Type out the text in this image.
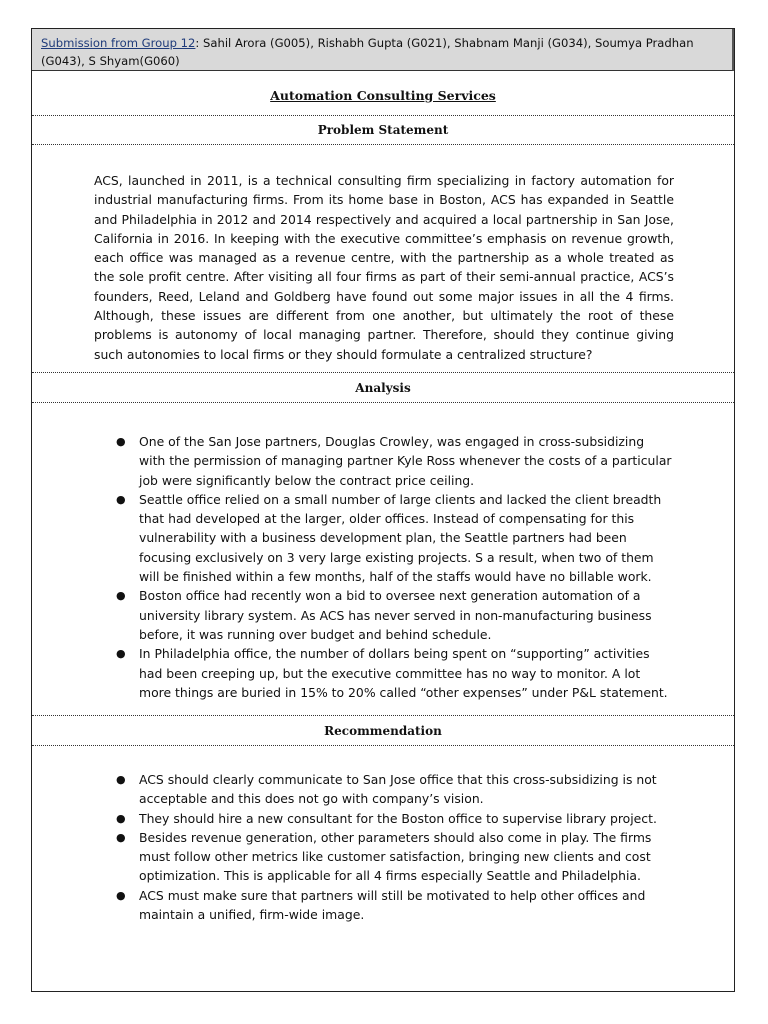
Submission from Group 12: Sahil Arora (G005), Rishabh Gupta (G021), Shabnam Manji (G034), Soumya Pradhan (G043), S Shyam(G060)
Automation Consulting Services
Problem Statement

ACS, launched in 2011, is a technical consulting firm specializing in factory automation for industrial manufacturing firms. From its home base in Boston, ACS has expanded in Seattle and Philadelphia in 2012 and 2014 respectively and acquired a local partnership in San Jose, California in 2016. In keeping with the executive committee’s emphasis on revenue growth, each office was managed as a revenue centre, with the partnership as a whole treated as the sole profit centre. After visiting all four firms as part of their semi-annual practice, ACS’s founders, Reed, Leland and Goldberg have found out some major issues in all the 4 firms. Although, these issues are different from one another, but ultimately the root of these problems is autonomy of local managing partner. Therefore, should they continue giving such autonomies to local firms or they should formulate a centralized structure?

Analysis
● One of the San Jose partners, Douglas Crowley, was engaged in cross-subsidizing with the permission of managing partner Kyle Ross whenever the costs of a particular job were significantly below the contract price ceiling.
● Seattle office relied on a small number of large clients and lacked the client breadth that had developed at the larger, older offices. Instead of compensating for this vulnerability with a business development plan, the Seattle partners had been focusing exclusively on 3 very large existing projects. S a result, when two of them will be finished within a few months, half of the staffs would have no billable work.
● Boston office had recently won a bid to oversee next generation automation of a university library system. As ACS has never served in non-manufacturing business before, it was running over budget and behind schedule.
● In Philadelphia office, the number of dollars being spent on “supporting” activities had been creeping up, but the executive committee has no way to monitor. A lot more things are buried in 15% to 20% called “other expenses” under P&L statement.
Recommendation
● ACS should clearly communicate to San Jose office that this cross-subsidizing is not acceptable and this does not go with company’s vision.
● They should hire a new consultant for the Boston office to supervise library project.
● Besides revenue generation, other parameters should also come in play. The firms must follow other metrics like customer satisfaction, bringing new clients and cost optimization. This is applicable for all 4 firms especially Seattle and Philadelphia.
● ACS must make sure that partners will still be motivated to help other offices and maintain a unified, firm-wide image.
